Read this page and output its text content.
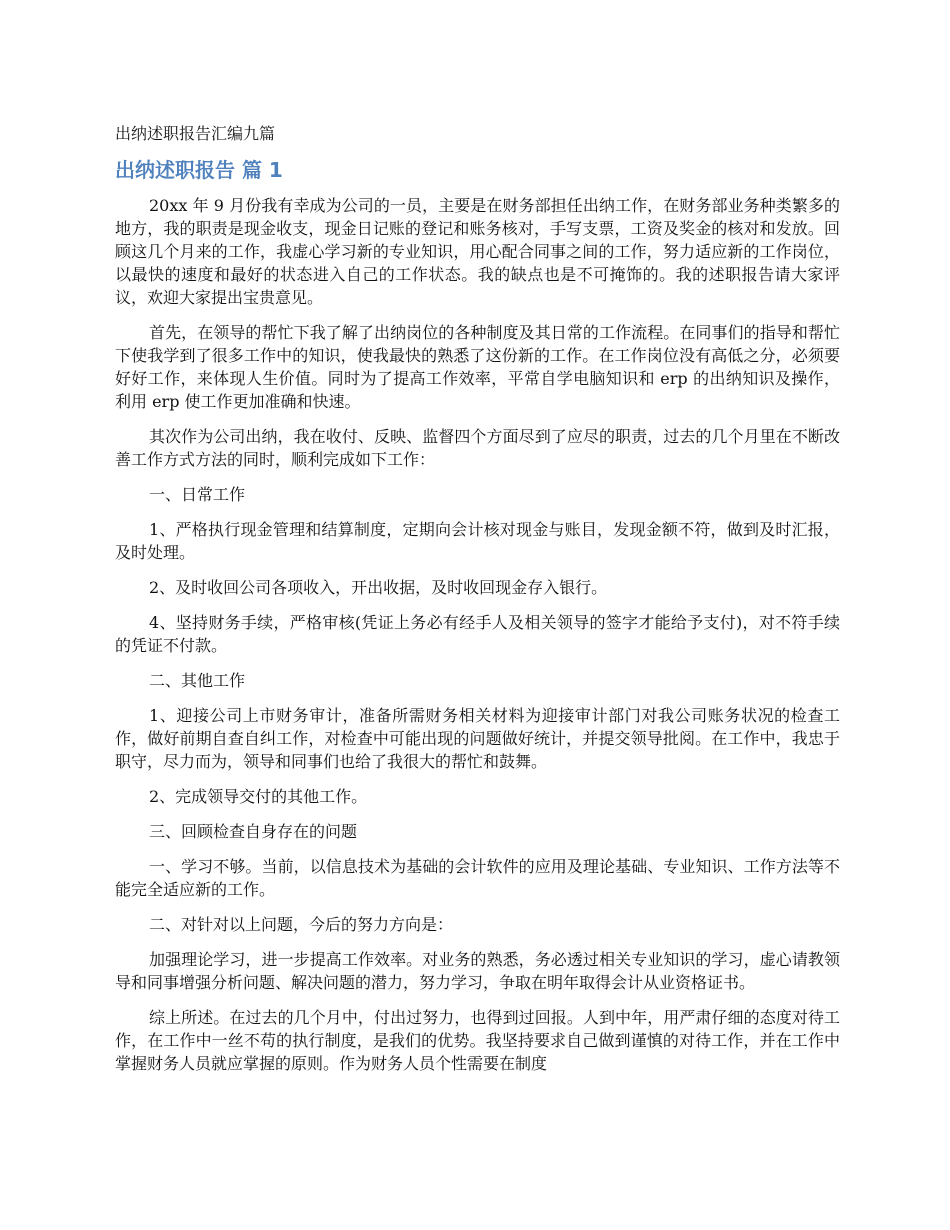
出纳述职报告汇编九篇
出纳述职报告 篇 1

20xx 年 9 月份我有幸成为公司的一员，主要是在财务部担任出纳工作，在财务部业务种类繁多的地方，我的职责是现金收支，现金日记账的登记和账务核对，手写支票，工资及奖金的核对和发放。回顾这几个月来的工作，我虚心学习新的专业知识，用心配合同事之间的工作，努力适应新的工作岗位，以最快的速度和最好的状态进入自己的工作状态。我的缺点也是不可掩饰的。我的述职报告请大家评议，欢迎大家提出宝贵意见。

首先，在领导的帮忙下我了解了出纳岗位的各种制度及其日常的工作流程。在同事们的指导和帮忙下使我学到了很多工作中的知识，使我最快的熟悉了这份新的工作。在工作岗位没有高低之分，必须要好好工作，来体现人生价值。同时为了提高工作效率，平常自学电脑知识和 erp 的出纳知识及操作，利用 erp 使工作更加准确和快速。

其次作为公司出纳，我在收付、反映、监督四个方面尽到了应尽的职责，过去的几个月里在不断改善工作方式方法的同时，顺利完成如下工作：

一、日常工作

1、严格执行现金管理和结算制度，定期向会计核对现金与账目，发现金额不符，做到及时汇报，及时处理。

2、及时收回公司各项收入，开出收据，及时收回现金存入银行。

4、坚持财务手续，严格审核(凭证上务必有经手人及相关领导的签字才能给予支付)，对不符手续的凭证不付款。

二、其他工作

1、迎接公司上市财务审计，准备所需财务相关材料为迎接审计部门对我公司账务状况的检查工作，做好前期自查自纠工作，对检查中可能出现的问题做好统计，并提交领导批阅。在工作中，我忠于职守，尽力而为，领导和同事们也给了我很大的帮忙和鼓舞。

2、完成领导交付的其他工作。

三、回顾检查自身存在的问题

一、学习不够。当前，以信息技术为基础的会计软件的应用及理论基础、专业知识、工作方法等不能完全适应新的工作。

二、对针对以上问题，今后的努力方向是：

加强理论学习，进一步提高工作效率。对业务的熟悉，务必透过相关专业知识的学习，虚心请教领导和同事增强分析问题、解决问题的潜力，努力学习，争取在明年取得会计从业资格证书。

综上所述。在过去的几个月中，付出过努力，也得到过回报。人到中年，用严肃仔细的态度对待工作，在工作中一丝不苟的执行制度，是我们的优势。我坚持要求自己做到谨慎的对待工作，并在工作中掌握财务人员就应掌握的原则。作为财务人员个性需要在制度
